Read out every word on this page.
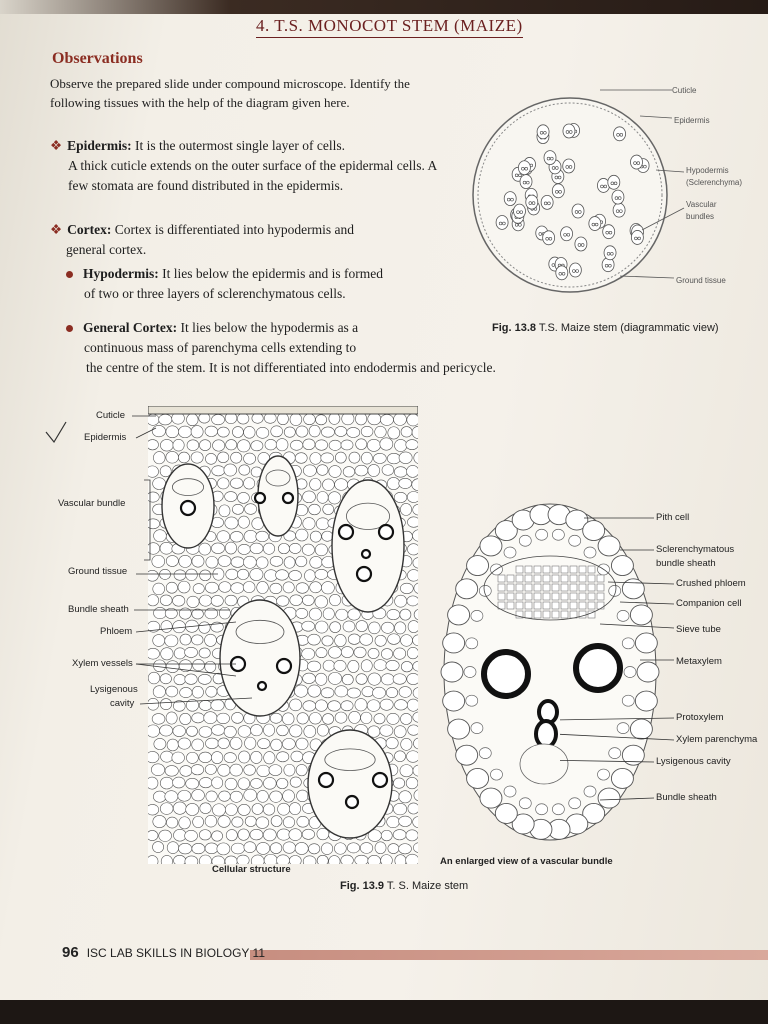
4. T.S. MONOCOT STEM (MAIZE)
Observations
Observe the prepared slide under compound microscope. Identify the following tissues with the help of the diagram given here.
❖ Epidermis: It is the outermost single layer of cells.
A thick cuticle extends on the outer surface of the epidermal cells. A few stomata are found distributed in the epidermis.
❖ Cortex: Cortex is differentiated into hypodermis and
general cortex.
Hypodermis: It lies below the epidermis and is formed
of two or three layers of sclerenchymatous cells.
General Cortex: It lies below the hypodermis as a
continuous mass of parenchyma cells extending to
the centre of the stem. It is not differentiated into endodermis and pericycle.
Cuticle
Epidermis
Hypodermis
(Sclerenchyma)
Vascular
bundles
Ground tissue
Fig. 13.8 T.S. Maize stem (diagrammatic view)
Cuticle
Epidermis
Vascular bundle
Ground tissue
Bundle sheath
Phloem
Xylem vessels
Lysigenous
cavity
Cellular structure
Pith cell
Sclerenchymatous
bundle sheath
Crushed phloem
Companion cell
Sieve tube
Metaxylem
Protoxylem
Xylem parenchyma
Lysigenous cavity
Bundle sheath
An enlarged view of a vascular bundle
Fig. 13.9 T. S. Maize stem
96 ISC LAB SKILLS IN BIOLOGY 11
